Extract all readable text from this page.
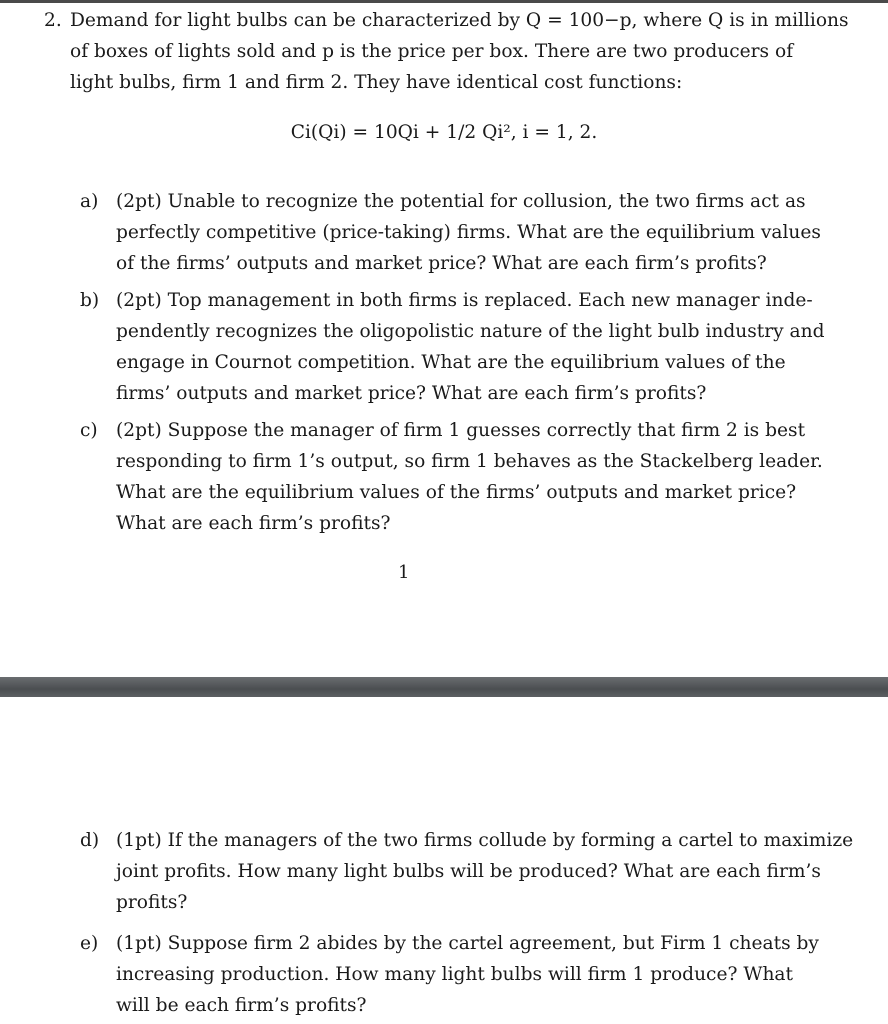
2. Demand for light bulbs can be characterized by Q = 100−p, where Q is in millions
of boxes of lights sold and p is the price per box. There are two producers of
light bulbs, firm 1 and firm 2. They have identical cost functions:
Ci(Qi) = 10Qi + 1/2 Qi², i = 1, 2.
a) (2pt) Unable to recognize the potential for collusion, the two firms act as
perfectly competitive (price-taking) firms. What are the equilibrium values
of the firms’ outputs and market price? What are each firm’s profits?
b) (2pt) Top management in both firms is replaced. Each new manager inde-
pendently recognizes the oligopolistic nature of the light bulb industry and
engage in Cournot competition. What are the equilibrium values of the
firms’ outputs and market price? What are each firm’s profits?
c) (2pt) Suppose the manager of firm 1 guesses correctly that firm 2 is best
responding to firm 1’s output, so firm 1 behaves as the Stackelberg leader.
What are the equilibrium values of the firms’ outputs and market price?
What are each firm’s profits?
1
d) (1pt) If the managers of the two firms collude by forming a cartel to maximize
joint profits. How many light bulbs will be produced? What are each firm’s
profits?
e) (1pt) Suppose firm 2 abides by the cartel agreement, but Firm 1 cheats by
increasing production. How many light bulbs will firm 1 produce? What
will be each firm’s profits?
